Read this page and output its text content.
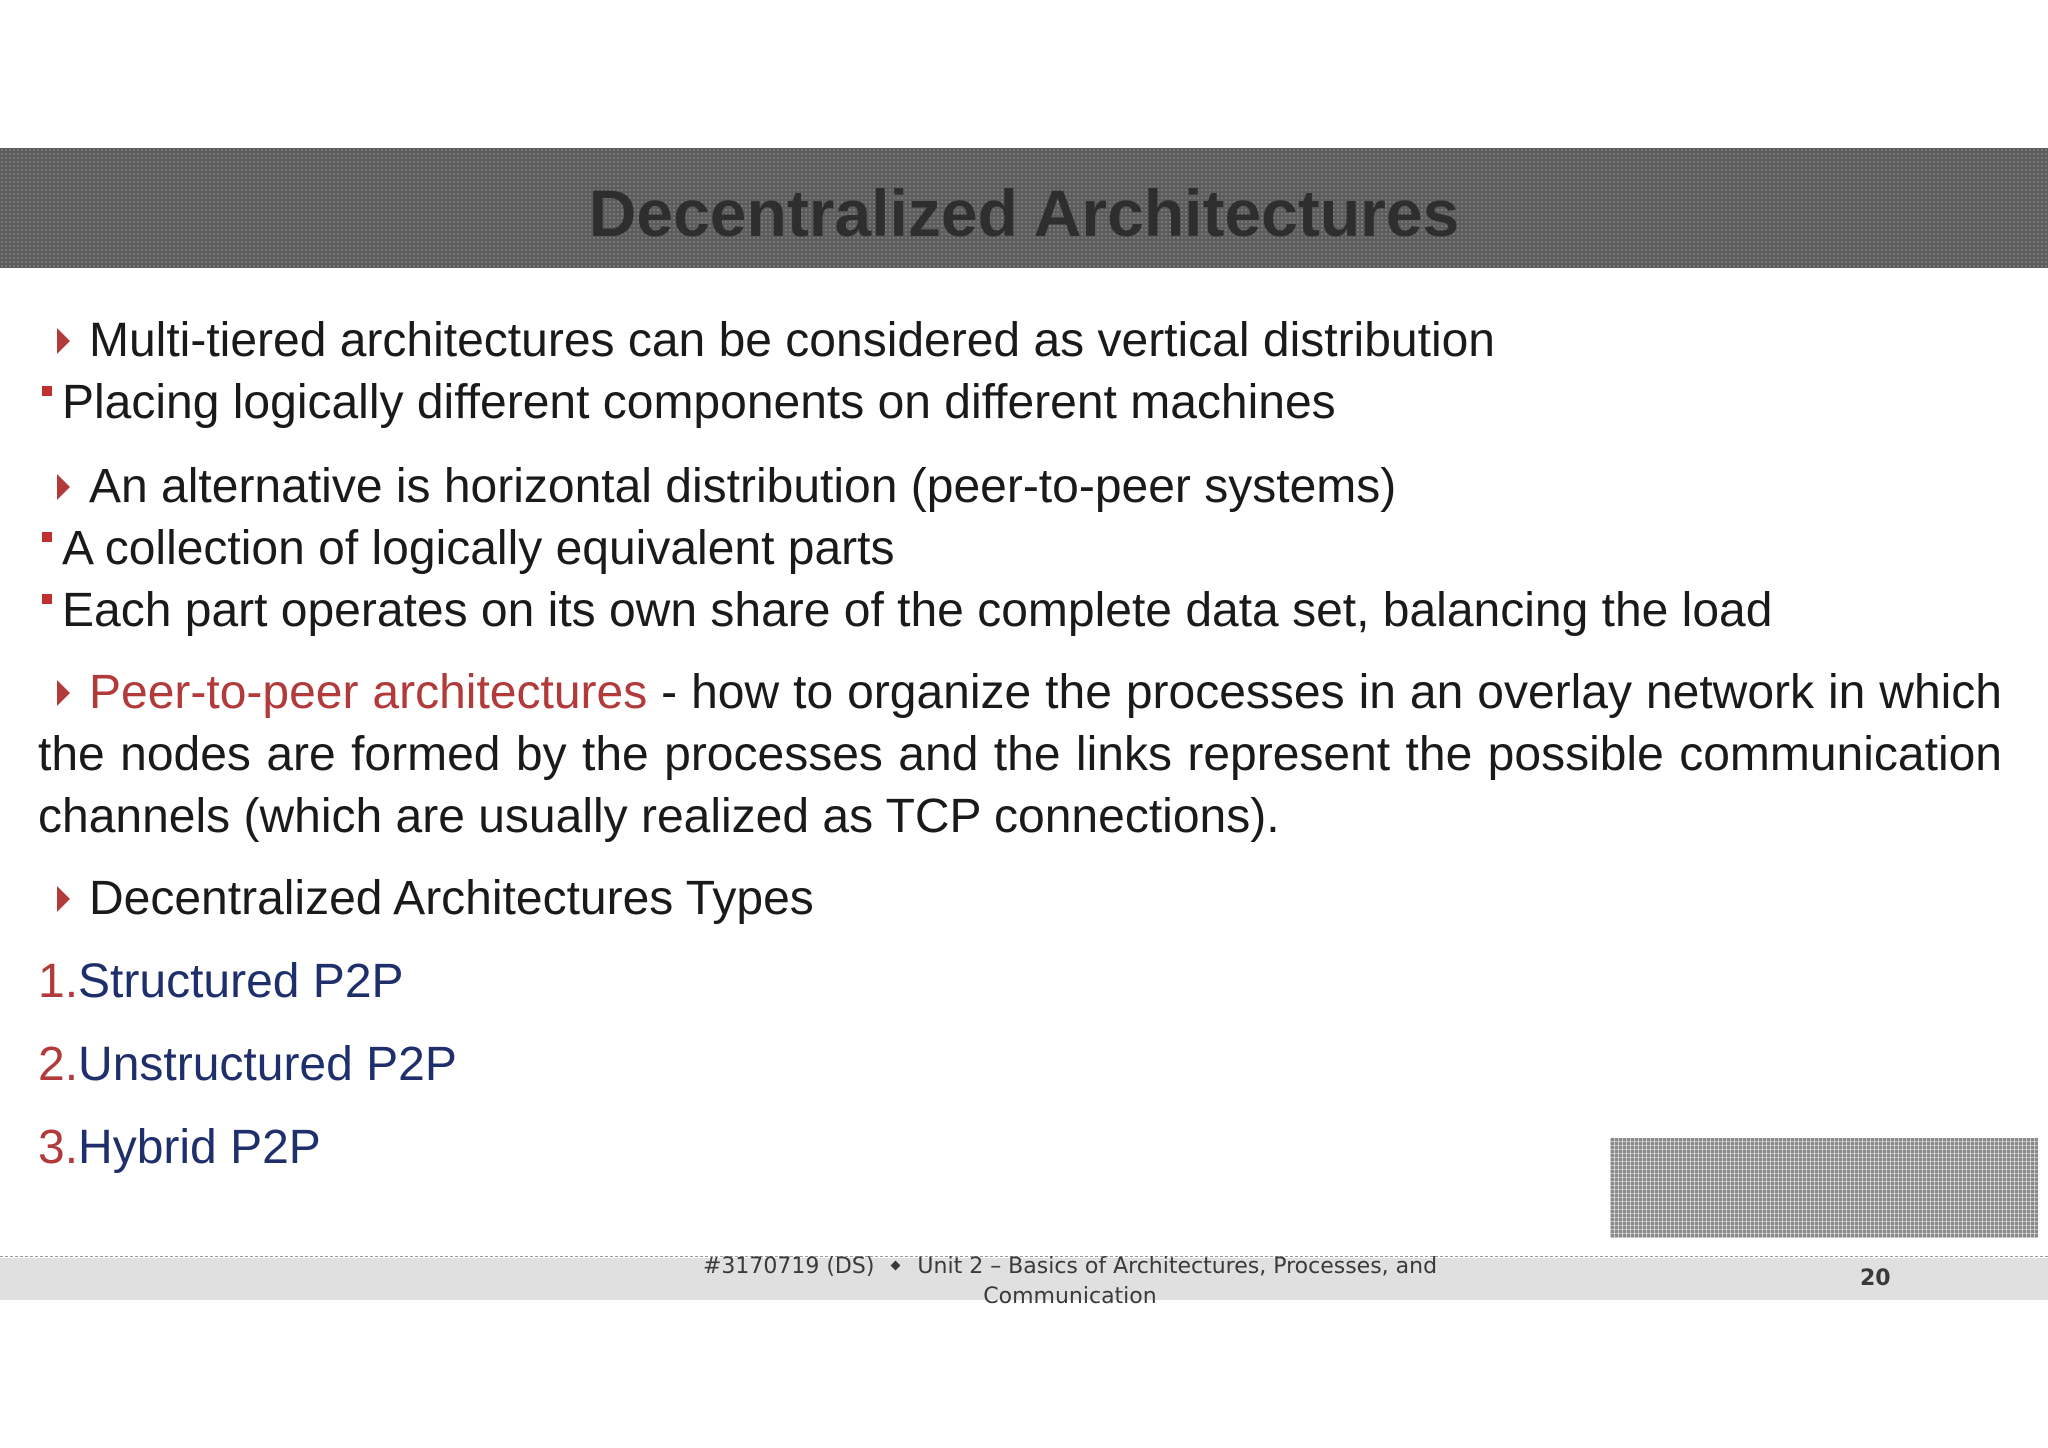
Decentralized Architectures
Multi-tiered architectures can be considered as vertical distribution
Placing logically different components on different machines
An alternative is horizontal distribution (peer-to-peer systems)
A collection of logically equivalent parts
Each part operates on its own share of the complete data set, balancing the load
Peer-to-peer architectures - how to organize the processes in an overlay network in which the nodes are formed by the processes and the links represent the possible communication channels (which are usually realized as TCP connections).
Decentralized Architectures Types
1.Structured P2P
2.Unstructured P2P
3.Hybrid P2P
#3170719 (DS) Unit 2 – Basics of Architectures, Processes, and
Communication
20
